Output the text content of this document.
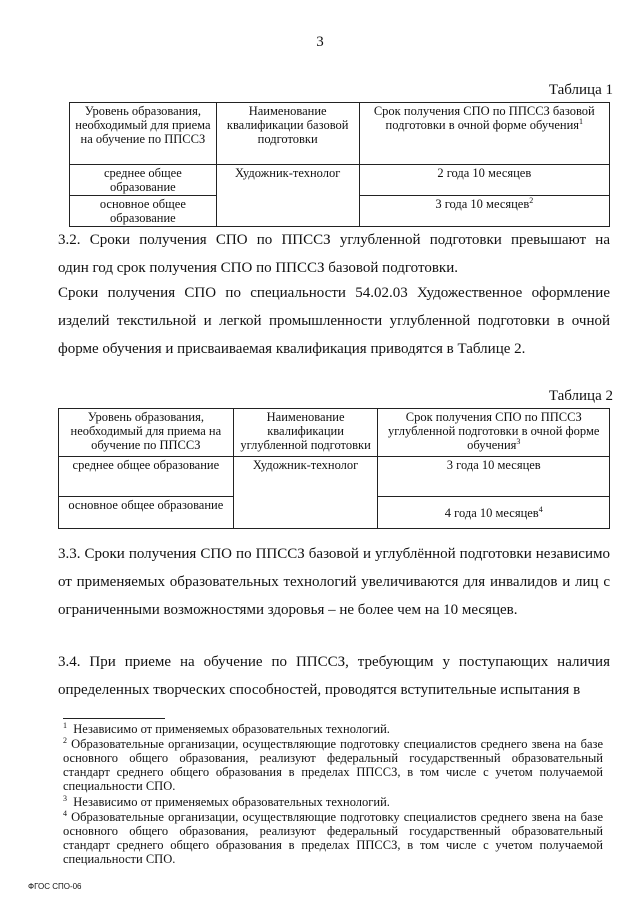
3
Таблица 1
Уровень образования, необходимый для приема на обучение по ППССЗ	Наименование квалификации базовой подготовки	Срок получения СПО по ППССЗ базовой подготовки в очной форме обучения$^1$
среднее общее образование	Художник-технолог	2 года 10 месяцев
основное общее образование		3 года 10 месяцев$^2$

3.2. Сроки получения СПО по ППССЗ углубленной подготовки превышают на

один год срок получения СПО по ППССЗ базовой подготовки.

Сроки получения СПО по специальности 54.02.03 Художественное оформление изделий текстильной и легкой промышленности углубленной подготовки в очной форме обучения и присваиваемая квалификация приводятся в Таблице 2.

Таблица 2
Уровень образования, необходимый для приема на обучение по ППССЗ	Наименование квалификации углубленной подготовки	Срок получения СПО по ППССЗ углубленной подготовки в очной форме обучения$^3$
среднее общее образование	Художник-технолог	3 года 10 месяцев
основное общее образование		4 года 10 месяцев$^4$

3.3. Сроки получения СПО по ППССЗ базовой и углублённой подготовки независимо от применяемых образовательных технологий увеличиваются для инвалидов и лиц с ограниченными возможностями здоровья – не более чем на 10 месяцев.

3.4. При приеме на обучение по ППССЗ, требующим у поступающих наличия определенных творческих способностей, проводятся вступительные испытания в

$^1$ Независимо от применяемых образовательных технологий.
$^2$ Образовательные организации, осуществляющие подготовку специалистов среднего звена на базе основного общего образования, реализуют федеральный государственный образовательный стандарт среднего общего образования в пределах ППССЗ, в том числе с учетом получаемой специальности СПО.
$^3$ Независимо от применяемых образовательных технологий.
$^4$ Образовательные организации, осуществляющие подготовку специалистов среднего звена на базе основного общего образования, реализуют федеральный государственный образовательный стандарт среднего общего образования в пределах ППССЗ, в том числе с учетом получаемой специальности СПО.
ФГОС СПО-06
